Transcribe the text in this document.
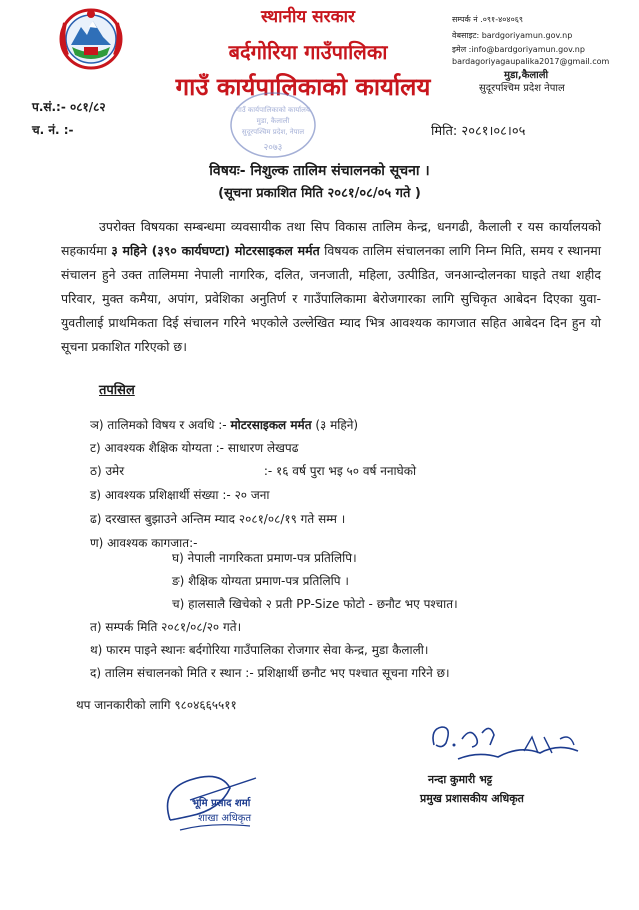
स्थानीय सरकार
बर्दगोरिया गाउँपालिका
गाउँ कार्यपालिकाको कार्यालय
सम्पर्क नं .०९१-४०४०६९
वेबसाइट: bardgoriyamun.gov.np
इमेल :info@bardgoriyamun.gov.np
bardagoriyagaupalika2017@gmail.com
मुडा,कैलाली
सुदूरपश्चिम प्रदेश नेपाल
गाउँ कार्यपालिकाको कार्यालय
मुडा, कैलाली
सुदूरपश्चिम प्रदेश, नेपाल
२०७३
प.सं.:- ०८१/८२
च. नं. :-	मिति: २०८१।०८।०५
विषयः- निशुल्क तालिम संचालनको सूचना ।
(सूचना प्रकाशित मिति २०८१/०८/०५ गते )
उपरोक्त विषयका सम्बन्धमा व्यवसायीक तथा सिप विकास तालिम केन्द्र, धनगढी, कैलाली र यस कार्यालयको सहकार्यमा ३ महिने (३९० कार्यघण्टा) मोटरसाइकल मर्मत विषयक तालिम संचालनका लागि निम्न मिति, समय र स्थानमा संचालन हुने उक्त तालिममा नेपाली नागरिक, दलित, जनजाती, महिला, उत्पीडित, जनआन्दोलनका घाइते तथा शहीद परिवार, मुक्त कमैया, अपांग, प्रवेशिका अनुतिर्ण र गाउँपालिकामा बेरोजगारका लागि सुचिकृत आबेदन दिएका युवा-युवतीलाई प्राथमिकता दिई संचालन गरिने भएकोले उल्लेखित म्याद भित्र आवश्यक कागजात सहित आबेदन दिन हुन यो सूचना प्रकाशित गरिएको छ।
तपसिल
ञ) तालिमको विषय र अवधि :- मोटरसाइकल मर्मत (३ महिने)
ट) आवश्यक शैक्षिक योग्यता :- साधारण लेखपढ
ठ) उमेर	:- १६ वर्ष पुरा भइ ५० वर्ष ननाघेको
ड) आवश्यक प्रशिक्षार्थी संख्या :- २० जना
ढ) दरखास्त बुझाउने अन्तिम म्याद २०८१/०८/१९ गते सम्म ।
ण) आवश्यक कागजात:-
घ) नेपाली नागरिकता प्रमाण-पत्र प्रतिलिपि।
ङ) शैक्षिक योग्यता प्रमाण-पत्र प्रतिलिपि ।
च) हालसालै खिचेको २ प्रती PP-Size फोटो - छनौट भए पश्चात।
त) सम्पर्क मिति २०८१/०८/२० गते।
थ) फारम पाइने स्थानः बर्दगोरिया गाउँपालिका रोजगार सेवा केन्द्र, मुडा कैलाली।
द) तालिम संचालनको मिति र स्थान :- प्रशिक्षार्थी छनौट भए पश्चात सूचना गरिने छ।
थप जानकारीको लागि ९८०४६६५५११
नन्दा कुमारी भट्ट
प्रमुख प्रशासकीय अधिकृत
भूमि प्रसाद शर्मा
शाखा अधिकृत
